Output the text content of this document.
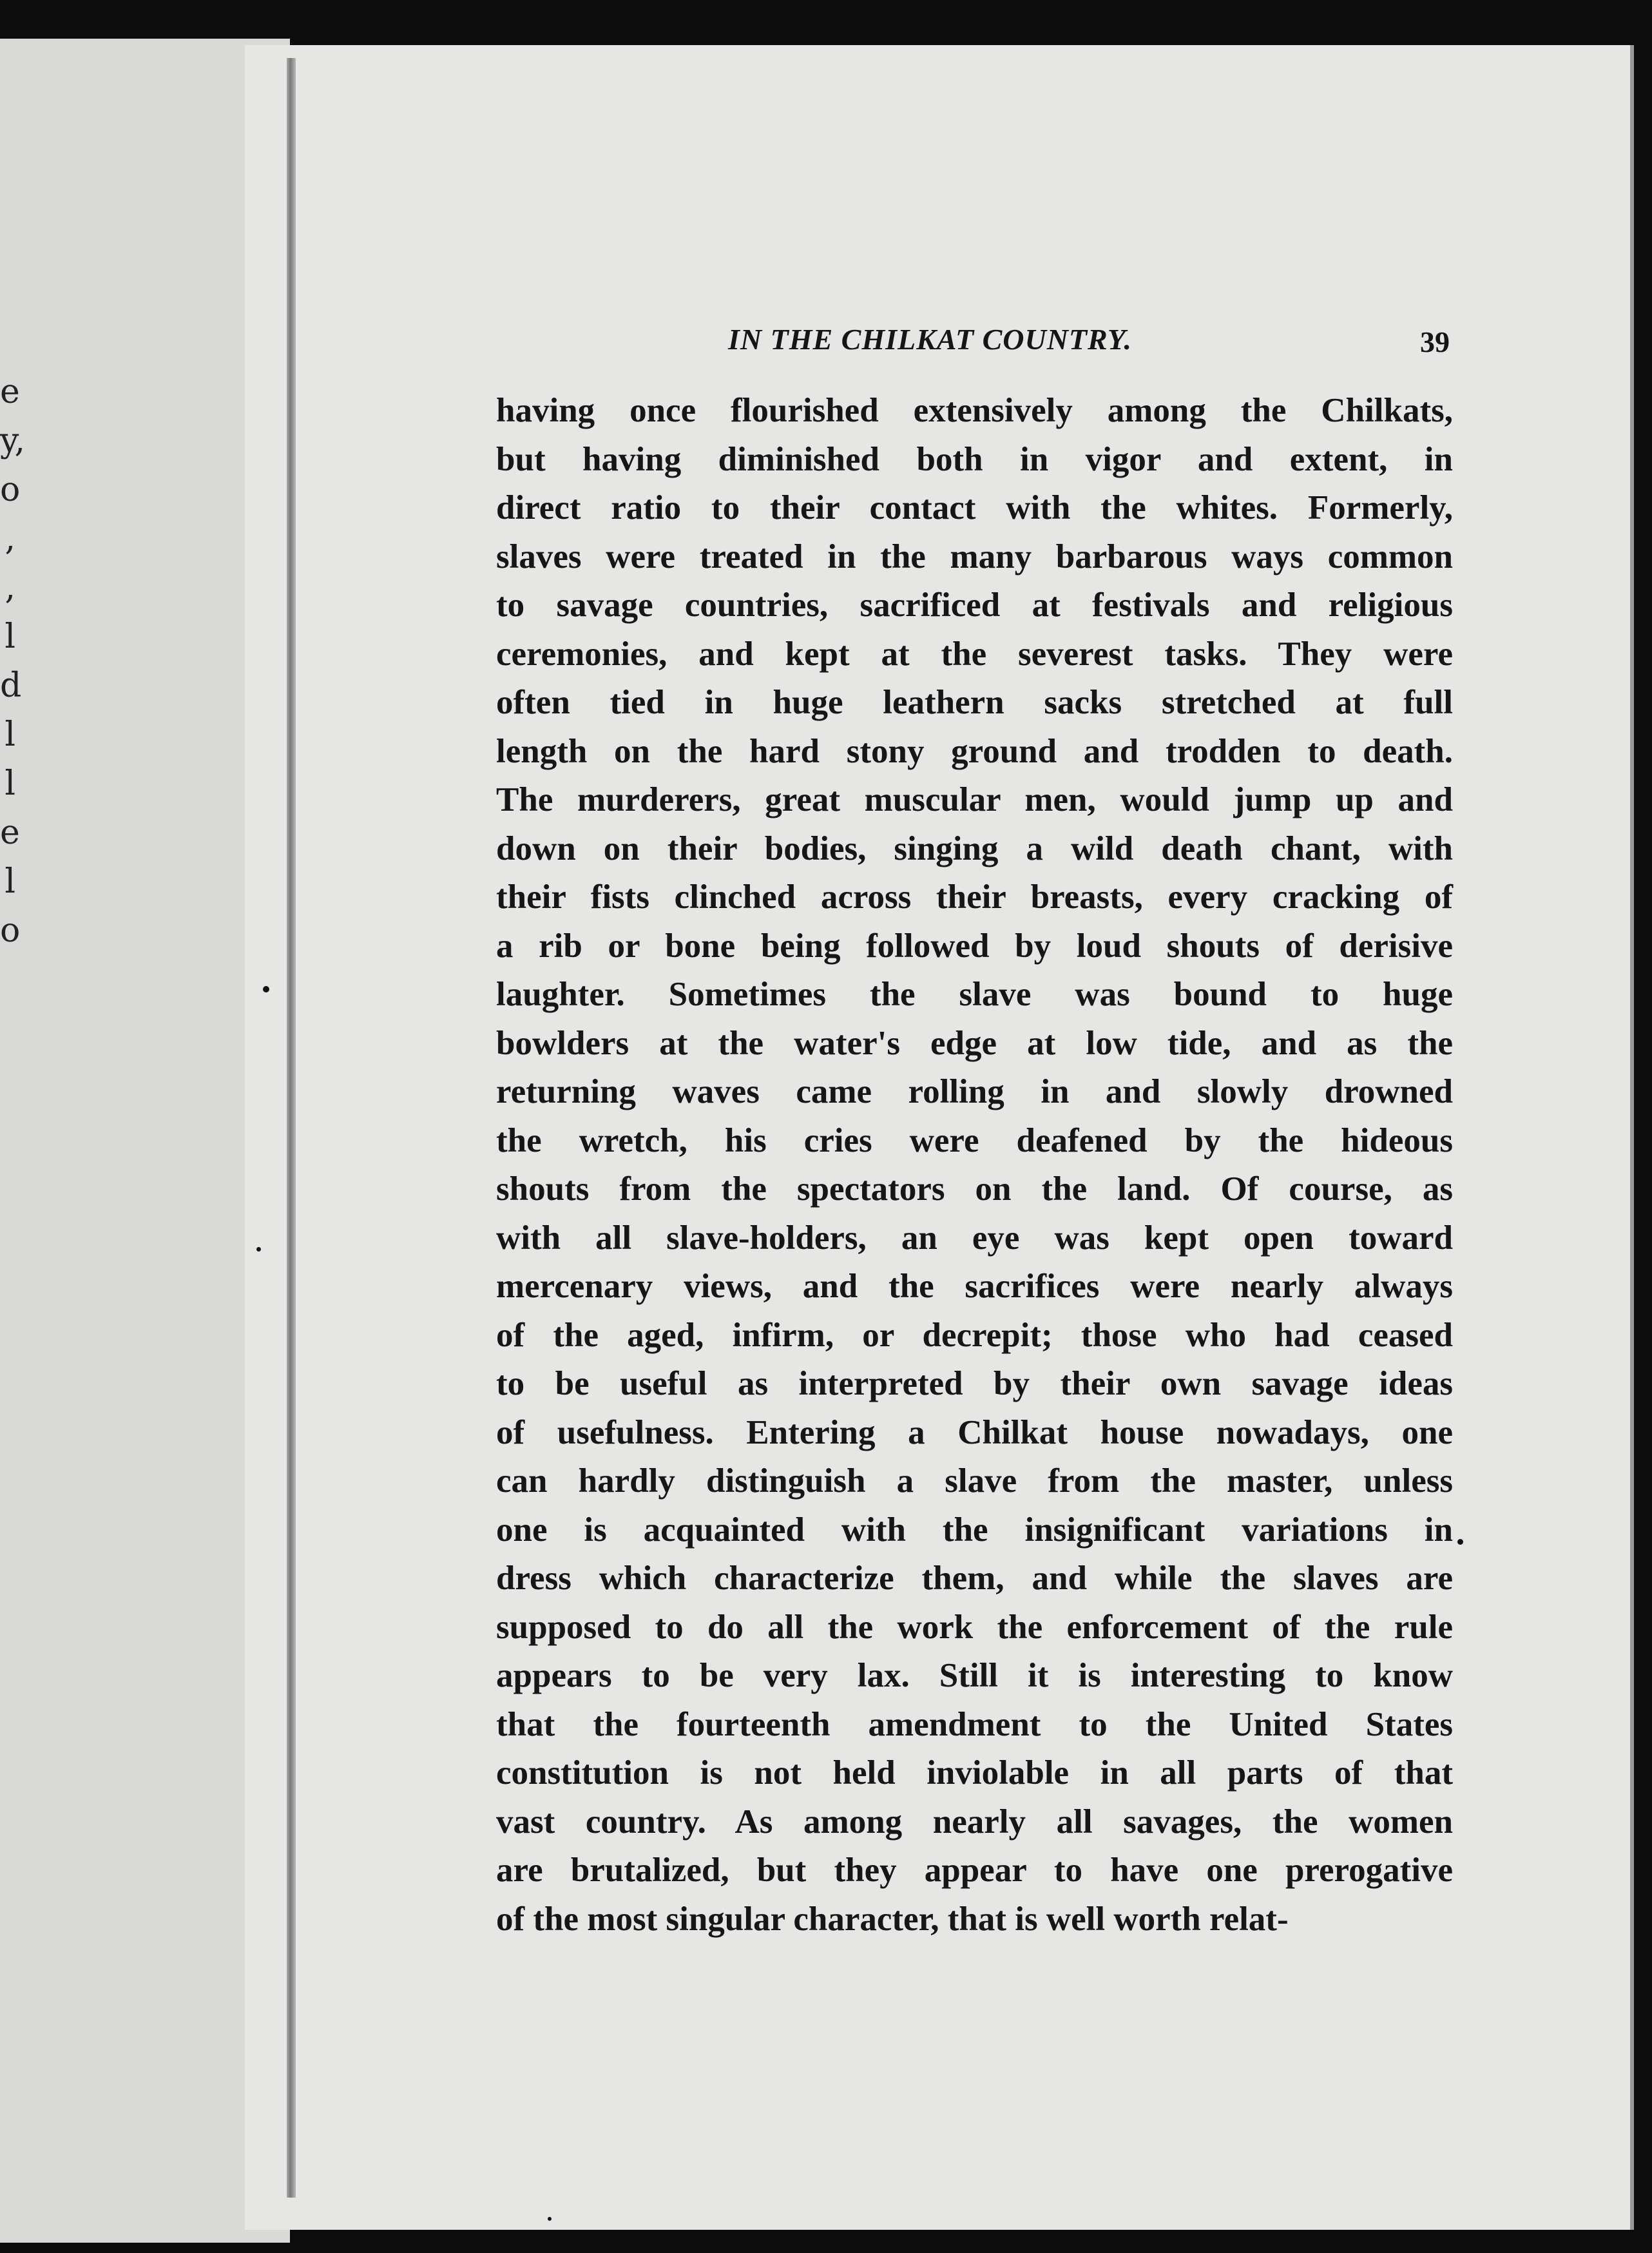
e
y,
o
,
,
l
d
l
l
e
l
o
IN THE CHILKAT COUNTRY.	39
having once flourished extensively among the Chilkats,
but having diminished both in vigor and extent, in
direct ratio to their contact with the whites. Formerly,
slaves were treated in the many barbarous ways common
to savage countries, sacrificed at festivals and religious
ceremonies, and kept at the severest tasks. They were
often tied in huge leathern sacks stretched at full
length on the hard stony ground and trodden to death.
The murderers, great muscular men, would jump up and
down on their bodies, singing a wild death chant, with
their fists clinched across their breasts, every cracking of
a rib or bone being followed by loud shouts of derisive
laughter. Sometimes the slave was bound to huge
bowlders at the water's edge at low tide, and as the
returning waves came rolling in and slowly drowned
the wretch, his cries were deafened by the hideous
shouts from the spectators on the land. Of course, as
with all slave-holders, an eye was kept open toward
mercenary views, and the sacrifices were nearly always
of the aged, infirm, or decrepit; those who had ceased
to be useful as interpreted by their own savage ideas
of usefulness. Entering a Chilkat house nowadays, one
can hardly distinguish a slave from the master, unless
one is acquainted with the insignificant variations in
dress which characterize them, and while the slaves are
supposed to do all the work the enforcement of the rule
appears to be very lax. Still it is interesting to know
that the fourteenth amendment to the United States
constitution is not held inviolable in all parts of that
vast country. As among nearly all savages, the women
are brutalized, but they appear to have one prerogative
of the most singular character, that is well worth relat-
